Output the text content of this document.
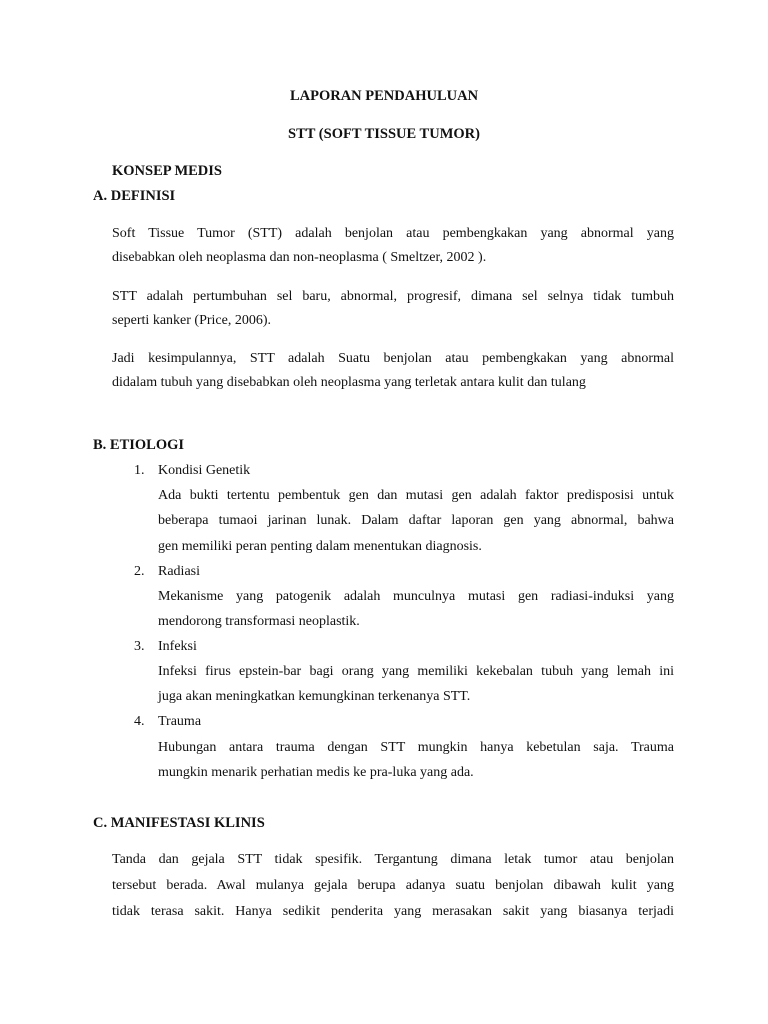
LAPORAN PENDAHULUAN
STT (SOFT TISSUE TUMOR)
KONSEP MEDIS
A. DEFINISI
Soft Tissue Tumor (STT) adalah benjolan atau pembengkakan yang abnormal yang
disebabkan oleh neoplasma dan non-neoplasma ( Smeltzer, 2002 ).
STT adalah pertumbuhan sel baru, abnormal, progresif, dimana sel selnya tidak tumbuh
seperti kanker (Price, 2006).
Jadi kesimpulannya, STT adalah Suatu benjolan atau pembengkakan yang abnormal
didalam tubuh yang disebabkan oleh neoplasma yang terletak antara kulit dan tulang
B. ETIOLOGI
1. Kondisi Genetik
Ada bukti tertentu pembentuk gen dan mutasi gen adalah faktor predisposisi untuk
beberapa tumaoi jarinan lunak. Dalam daftar laporan gen yang abnormal, bahwa
gen memiliki peran penting dalam menentukan diagnosis.
2. Radiasi
Mekanisme yang patogenik adalah munculnya mutasi gen radiasi-induksi yang
mendorong transformasi neoplastik.
3. Infeksi
Infeksi firus epstein-bar bagi orang yang memiliki kekebalan tubuh yang lemah ini
juga akan meningkatkan kemungkinan terkenanya STT.
4. Trauma
Hubungan antara trauma dengan STT mungkin hanya kebetulan saja. Trauma
mungkin menarik perhatian medis ke pra-luka yang ada.
C. MANIFESTASI KLINIS
Tanda dan gejala STT tidak spesifik. Tergantung dimana letak tumor atau benjolan
tersebut berada. Awal mulanya gejala berupa adanya suatu benjolan dibawah kulit yang
tidak terasa sakit. Hanya sedikit penderita yang merasakan sakit yang biasanya terjadi
